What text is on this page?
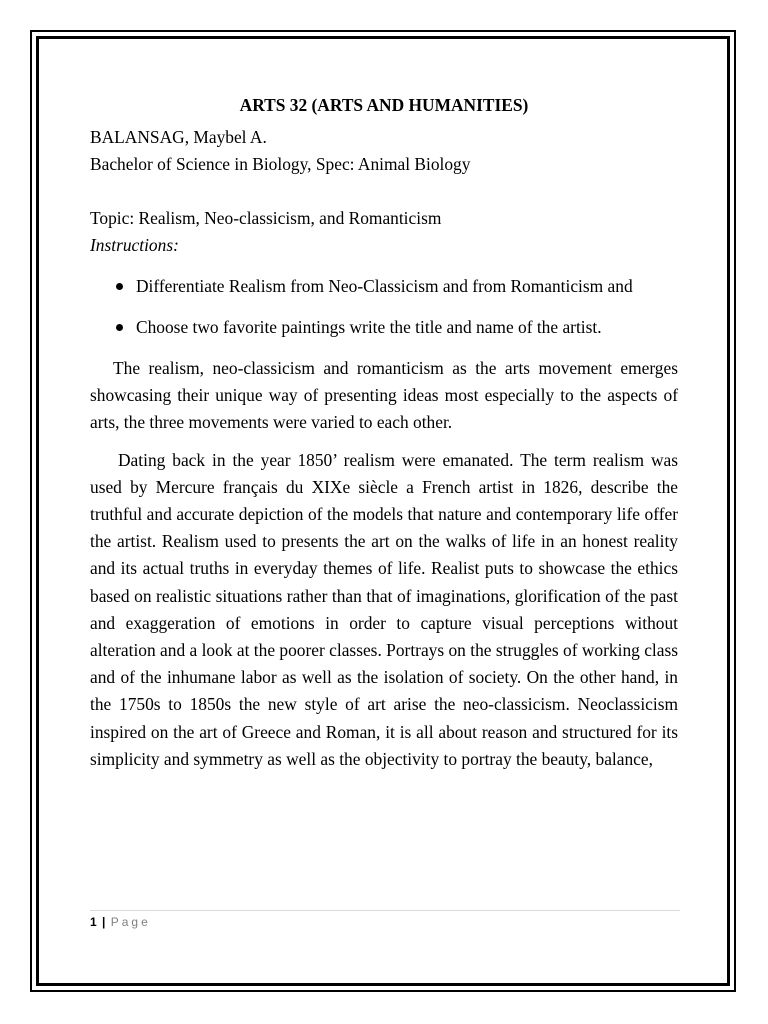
ARTS 32 (ARTS AND HUMANITIES)
BALANSAG, Maybel A.
Bachelor of Science in Biology, Spec: Animal Biology
Topic: Realism, Neo-classicism, and Romanticism
Instructions:
Differentiate Realism from Neo-Classicism and from Romanticism and
Choose two favorite paintings write the title and name of the artist.

The realism, neo-classicism and romanticism as the arts movement emerges showcasing their unique way of presenting ideas most especially to the aspects of arts, the three movements were varied to each other.

Dating back in the year 1850’ realism were emanated. The term realism was used by Mercure français du XIXe siècle a French artist in 1826, describe the truthful and accurate depiction of the models that nature and contemporary life offer the artist. Realism used to presents the art on the walks of life in an honest reality and its actual truths in everyday themes of life. Realist puts to showcase the ethics based on realistic situations rather than that of imaginations, glorification of the past and exaggeration of emotions in order to capture visual perceptions without alteration and a look at the poorer classes. Portrays on the struggles of working class and of the inhumane labor as well as the isolation of society. On the other hand, in the 1750s to 1850s the new style of art arise the neo-classicism. Neoclassicism inspired on the art of Greece and Roman, it is all about reason and structured for its simplicity and symmetry as well as the objectivity to portray the beauty, balance,

1 | Page
